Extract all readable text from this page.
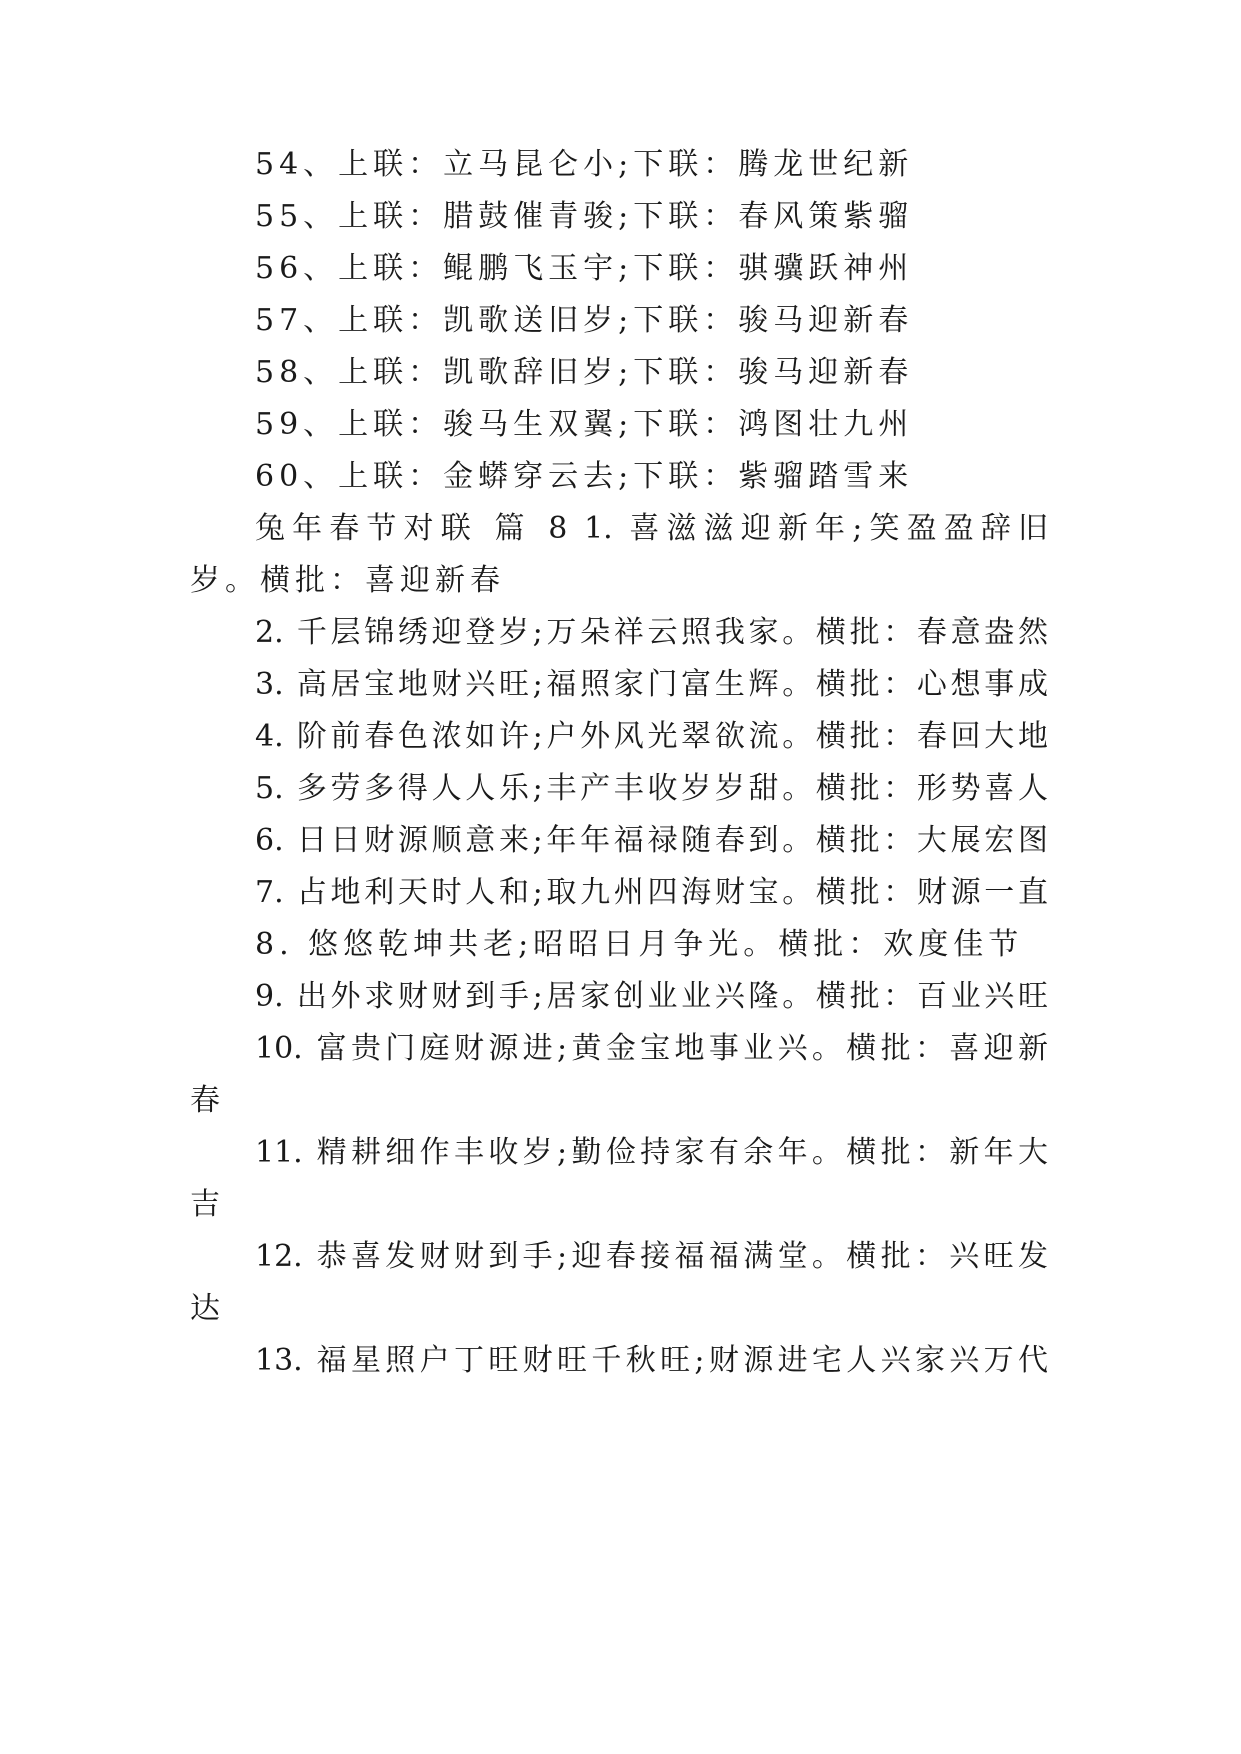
54、上联：立马昆仑小;下联：腾龙世纪新
55、上联：腊鼓催青骏;下联：春风策紫骝
56、上联：鲲鹏飞玉宇;下联：骐骥跃神州
57、上联：凯歌送旧岁;下联：骏马迎新春
58、上联：凯歌辞旧岁;下联：骏马迎新春
59、上联：骏马生双翼;下联：鸿图壮九州
60、上联：金蟒穿云去;下联：紫骝踏雪来
兔年春节对联 篇 8 1. 喜滋滋迎新年;笑盈盈辞旧
岁。横批：喜迎新春
2. 千层锦绣迎登岁;万朵祥云照我家。横批：春意盎然
3. 高居宝地财兴旺;福照家门富生辉。横批：心想事成
4. 阶前春色浓如许;户外风光翠欲流。横批：春回大地
5. 多劳多得人人乐;丰产丰收岁岁甜。横批：形势喜人
6. 日日财源顺意来;年年福禄随春到。横批：大展宏图
7. 占地利天时人和;取九州四海财宝。横批：财源一直
8. 悠悠乾坤共老;昭昭日月争光。横批：欢度佳节
9. 出外求财财到手;居家创业业兴隆。横批：百业兴旺
10. 富贵门庭财源进;黄金宝地事业兴。横批：喜迎新
春
11. 精耕细作丰收岁;勤俭持家有余年。横批：新年大
吉
12. 恭喜发财财到手;迎春接福福满堂。横批：兴旺发
达
13. 福星照户丁旺财旺千秋旺;财源进宅人兴家兴万代
